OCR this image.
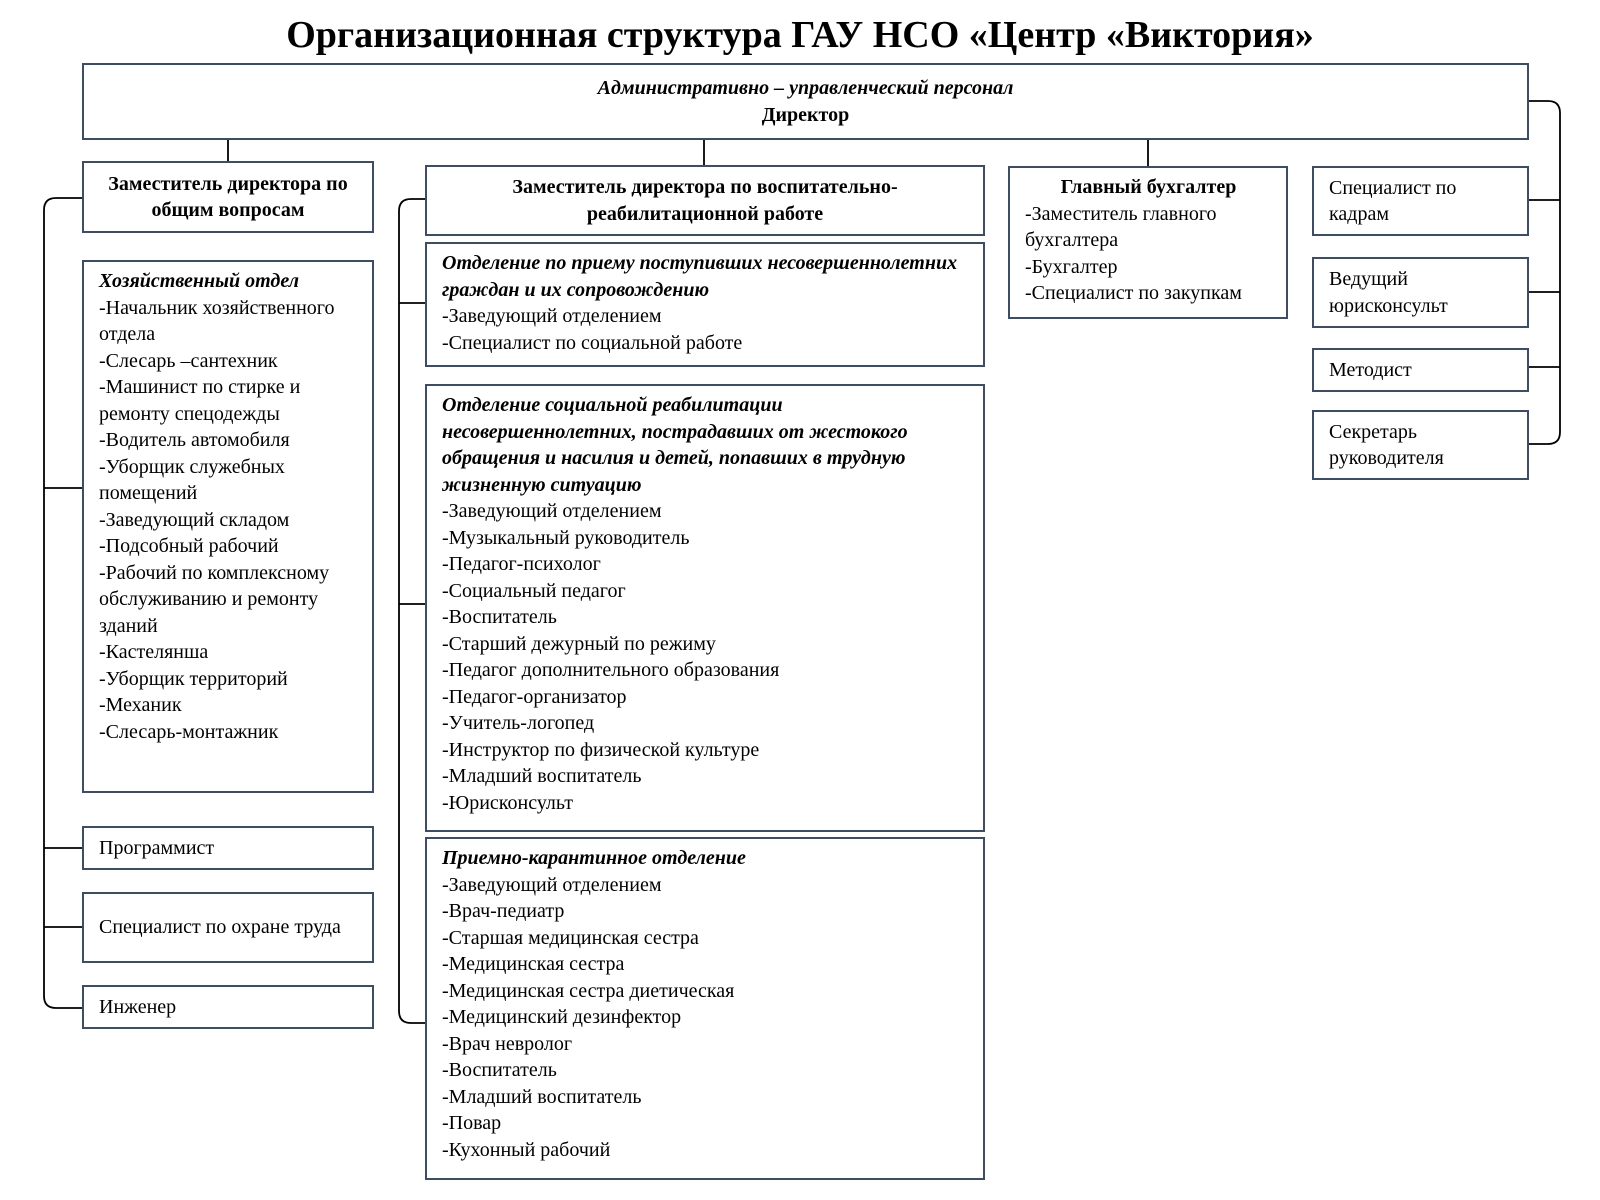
Организационная структура ГАУ НСО «Центр «Виктория»
Административно – управленческий персонал
Директор
Заместитель директора по общим вопросам
Хозяйственный отдел
-Начальник хозяйственного отдела
-Слесарь –сантехник
-Машинист по стирке и ремонту спецодежды
-Водитель автомобиля
-Уборщик служебных помещений
-Заведующий складом
-Подсобный рабочий
-Рабочий по комплексному обслуживанию и ремонту зданий
-Кастелянша
-Уборщик территорий
-Механик
-Слесарь-монтажник
Программист
Специалист по охране труда
Инженер
Заместитель директора по воспитательно-реабилитационной работе
Отделение по приему поступивших несовершеннолетних граждан и их сопровождению
-Заведующий отделением
-Специалист по социальной работе
Отделение социальной реабилитации несовершеннолетних, пострадавших от жестокого обращения и насилия и детей, попавших в трудную жизненную ситуацию
-Заведующий отделением
-Музыкальный руководитель
-Педагог-психолог
-Социальный педагог
-Воспитатель
-Старший дежурный по режиму
-Педагог дополнительного образования
-Педагог-организатор
-Учитель-логопед
-Инструктор по физической культуре
-Младший воспитатель
-Юрисконсульт
Приемно-карантинное отделение
-Заведующий отделением
-Врач-педиатр
-Старшая медицинская сестра
-Медицинская сестра
-Медицинская сестра диетическая
-Медицинский дезинфектор
-Врач невролог
-Воспитатель
-Младший воспитатель
-Повар
-Кухонный рабочий
Главный бухгалтер
-Заместитель главного бухгалтера
-Бухгалтер
-Специалист по закупкам
Специалист по кадрам
Ведущий юрисконсульт
Методист
Секретарь руководителя
